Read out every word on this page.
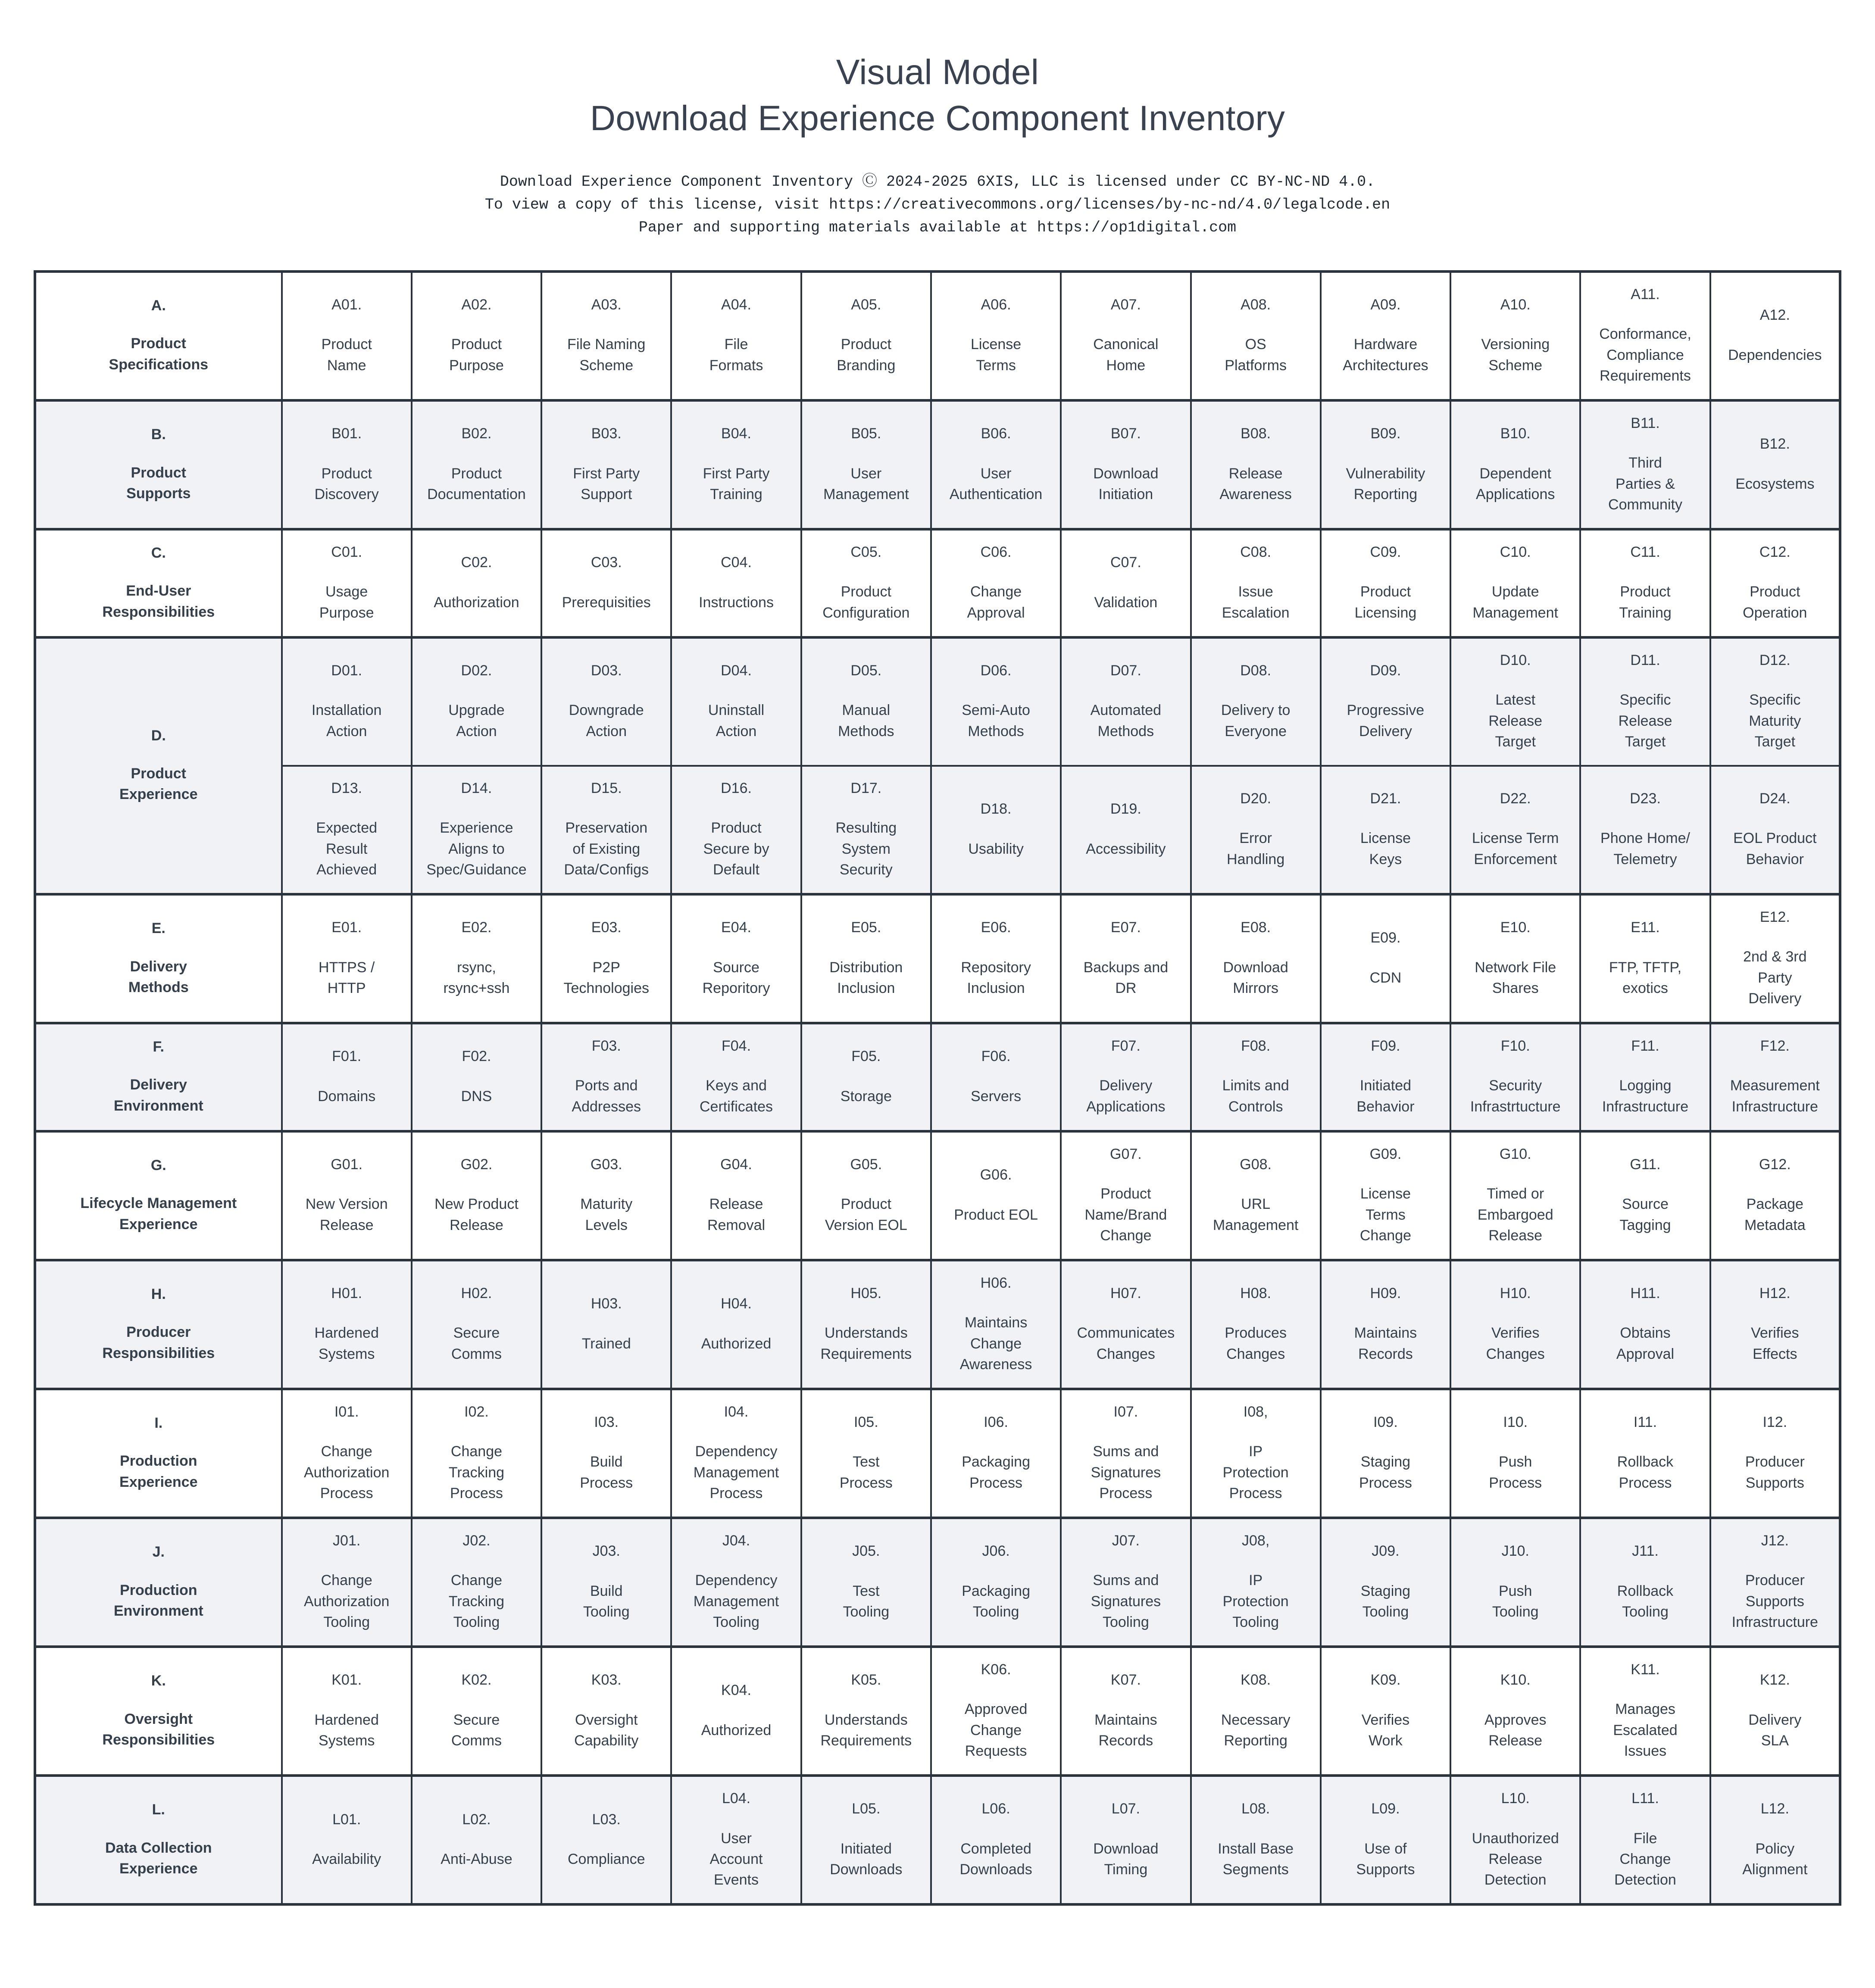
Visual Model
Download Experience Component Inventory
Download Experience Component Inventory Ⓒ 2024-2025 6XIS, LLC is licensed under CC BY-NC-ND 4.0.
To view a copy of this license, visit https://creativecommons.org/licenses/by-nc-nd/4.0/legalcode.en
Paper and supporting materials available at https://op1digital.com
A.
Product
Specifications	A01.
Product
Name	A02.
Product
Purpose	A03.
File Naming
Scheme	A04.
File
Formats	A05.
Product
Branding	A06.
License
Terms	A07.
Canonical
Home	A08.
OS
Platforms	A09.
Hardware
Architectures	A10.
Versioning
Scheme	A11.
Conformance,
Compliance
Requirements	A12.
Dependencies

B.
Product
Supports	B01.
Product
Discovery	B02.
Product
Documentation	B03.
First Party
Support	B04.
First Party
Training	B05.
User
Management	B06.
User
Authentication	B07.
Download
Initiation	B08.
Release
Awareness	B09.
Vulnerability
Reporting	B10.
Dependent
Applications	B11.
Third
Parties &
Community	B12.
Ecosystems

C.
End-User
Responsibilities	C01.
Usage
Purpose	C02.
Authorization	C03.
Prerequisities	C04.
Instructions	C05.
Product
Configuration	C06.
Change
Approval	C07.
Validation	C08.
Issue
Escalation	C09.
Product
Licensing	C10.
Update
Management	C11.
Product
Training	C12.
Product
Operation

D.
Product
Experience	D01.
Installation
Action	D02.
Upgrade
Action	D03.
Downgrade
Action	D04.
Uninstall
Action	D05.
Manual
Methods	D06.
Semi-Auto
Methods	D07.
Automated
Methods	D08.
Delivery to
Everyone	D09.
Progressive
Delivery	D10.
Latest
Release
Target	D11.
Specific
Release
Target	D12.
Specific
Maturity
Target

	D13.
Expected
Result
Achieved	D14.
Experience
Aligns to
Spec/Guidance	D15.
Preservation
of Existing
Data/Configs	D16.
Product
Secure by
Default	D17.
Resulting
System
Security	D18.
Usability	D19.
Accessibility	D20.
Error
Handling	D21.
License
Keys	D22.
License Term
Enforcement	D23.
Phone Home/
Telemetry	D24.
EOL Product
Behavior

E.
Delivery
Methods	E01.
HTTPS /
HTTP	E02.
rsync,
rsync+ssh	E03.
P2P
Technologies	E04.
Source
Reporitory	E05.
Distribution
Inclusion	E06.
Repository
Inclusion	E07.
Backups and
DR	E08.
Download
Mirrors	E09.
CDN	E10.
Network File
Shares	E11.
FTP, TFTP,
exotics	E12.
2nd & 3rd
Party
Delivery

F.
Delivery
Environment	F01.
Domains	F02.
DNS	F03.
Ports and
Addresses	F04.
Keys and
Certificates	F05.
Storage	F06.
Servers	F07.
Delivery
Applications	F08.
Limits and
Controls	F09.
Initiated
Behavior	F10.
Security
Infrastrtucture	F11.
Logging
Infrastructure	F12.
Measurement
Infrastructure

G.
Lifecycle Management
Experience	G01.
New Version
Release	G02.
New Product
Release	G03.
Maturity
Levels	G04.
Release
Removal	G05.
Product
Version EOL	G06.
Product EOL	G07.
Product
Name/Brand
Change	G08.
URL
Management	G09.
License
Terms
Change	G10.
Timed or
Embargoed
Release	G11.
Source
Tagging	G12.
Package
Metadata

H.
Producer
Responsibilities	H01.
Hardened
Systems	H02.
Secure
Comms	H03.
Trained	H04.
Authorized	H05.
Understands
Requirements	H06.
Maintains
Change
Awareness	H07.
Communicates
Changes	H08.
Produces
Changes	H09.
Maintains
Records	H10.
Verifies
Changes	H11.
Obtains
Approval	H12.
Verifies
Effects

I.
Production
Experience	I01.
Change
Authorization
Process	I02.
Change
Tracking
Process	I03.
Build
Process	I04.
Dependency
Management
Process	I05.
Test
Process	I06.
Packaging
Process	I07.
Sums and
Signatures
Process	I08,
IP
Protection
Process	I09.
Staging
Process	I10.
Push
Process	I11.
Rollback
Process	I12.
Producer
Supports

J.
Production
Environment	J01.
Change
Authorization
Tooling	J02.
Change
Tracking
Tooling	J03.
Build
Tooling	J04.
Dependency
Management
Tooling	J05.
Test
Tooling	J06.
Packaging
Tooling	J07.
Sums and
Signatures
Tooling	J08,
IP
Protection
Tooling	J09.
Staging
Tooling	J10.
Push
Tooling	J11.
Rollback
Tooling	J12.
Producer
Supports
Infrastructure

K.
Oversight
Responsibilities	K01.
Hardened
Systems	K02.
Secure
Comms	K03.
Oversight
Capability	K04.
Authorized	K05.
Understands
Requirements	K06.
Approved
Change
Requests	K07.
Maintains
Records	K08.
Necessary
Reporting	K09.
Verifies
Work	K10.
Approves
Release	K11.
Manages
Escalated
Issues	K12.
Delivery
SLA

L.
Data Collection
Experience	L01.
Availability	L02.
Anti-Abuse	L03.
Compliance	L04.
User
Account
Events	L05.
Initiated
Downloads	L06.
Completed
Downloads	L07.
Download
Timing	L08.
Install Base
Segments	L09.
Use of
Supports	L10.
Unauthorized
Release
Detection	L11.
File
Change
Detection	L12.
Policy
Alignment
